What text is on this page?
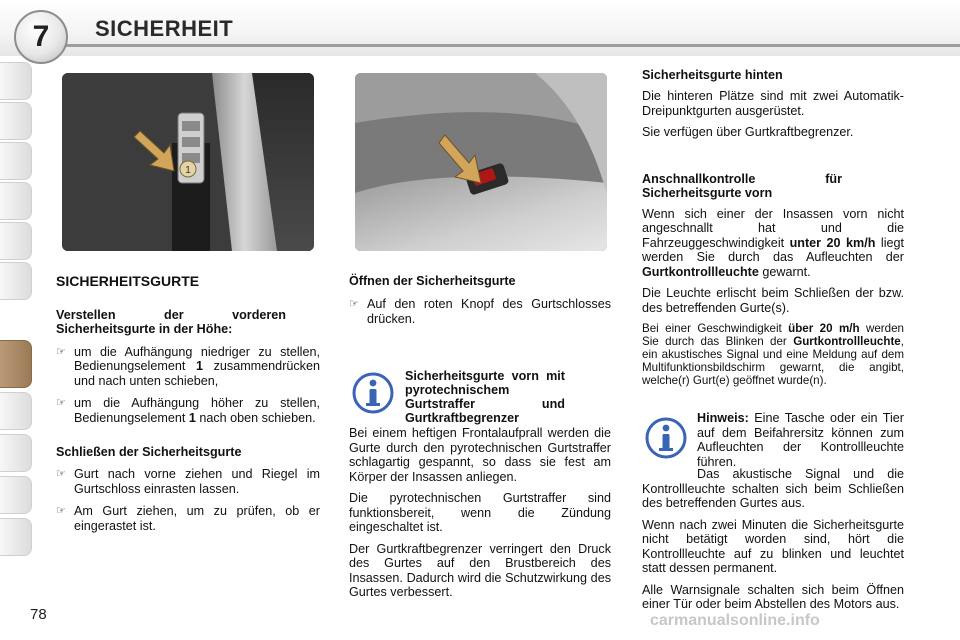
7	SICHERHEIT
1
SICHERHEITSGURTE
Verstellen der vorderen Sicherheitsgurte in der Höhe:
☞ um die Aufhängung niedriger zu stellen, Bedienungselement 1 zusammendrücken und nach unten schieben,
☞ um die Aufhängung höher zu stellen, Bedienungselement 1 nach oben schieben.
Schließen der Sicherheitsgurte
☞ Gurt nach vorne ziehen und Riegel im Gurtschloss einrasten lassen.
☞ Am Gurt ziehen, um zu prüfen, ob er eingerastet ist.
Öffnen der Sicherheitsgurte
☞ Auf den roten Knopf des Gurtschlosses drücken.
Sicherheitsgurte vorn mit pyrotechnischem Gurtstraffer und Gurtkraftbegrenzer

Bei einem heftigen Frontalaufprall werden die Gurte durch den pyrotechnischen Gurtstraffer schlagartig gespannt, so dass sie fest am Körper der Insassen anliegen.

Die pyrotechnischen Gurtstraffer sind funktionsbereit, wenn die Zündung eingeschaltet ist.

Der Gurtkraftbegrenzer verringert den Druck des Gurtes auf den Brustbereich des Insassen. Dadurch wird die Schutzwirkung des Gurtes verbessert.

Sicherheitsgurte hinten

Die hinteren Plätze sind mit zwei Automatik-Dreipunktgurten ausgerüstet.

Sie verfügen über Gurtkraftbegrenzer.

Anschnallkontrolle für Sicherheitsgurte vorn

Wenn sich einer der Insassen vorn nicht angeschnallt hat und die Fahrzeuggeschwindigkeit unter 20 km/h liegt werden Sie durch das Aufleuchten der Gurtkontrollleuchte gewarnt.

Die Leuchte erlischt beim Schließen der bzw. des betreffenden Gurte(s).

Bei einer Geschwindigkeit über 20 m/h werden Sie durch das Blinken der Gurtkontrollleuchte, ein akustisches Signal und eine Meldung auf dem Multifunktionsbildschirm gewarnt, die angibt, welche(r) Gurt(e) geöffnet wurde(n).

Hinweis: Eine Tasche oder ein Tier auf dem Beifahrersitz können zum Aufleuchten der Kontrollleuchte führen.

Das akustische Signal und die Kontrollleuchte schalten sich beim Schließen des betreffenden Gurtes aus.

Wenn nach zwei Minuten die Sicherheitsgurte nicht betätigt worden sind, hört die Kontrollleuchte auf zu blinken und leuchtet statt dessen permanent.

Alle Warnsignale schalten sich beim Öffnen einer Tür oder beim Abstellen des Motors aus.

78	carmanualsonline.info
